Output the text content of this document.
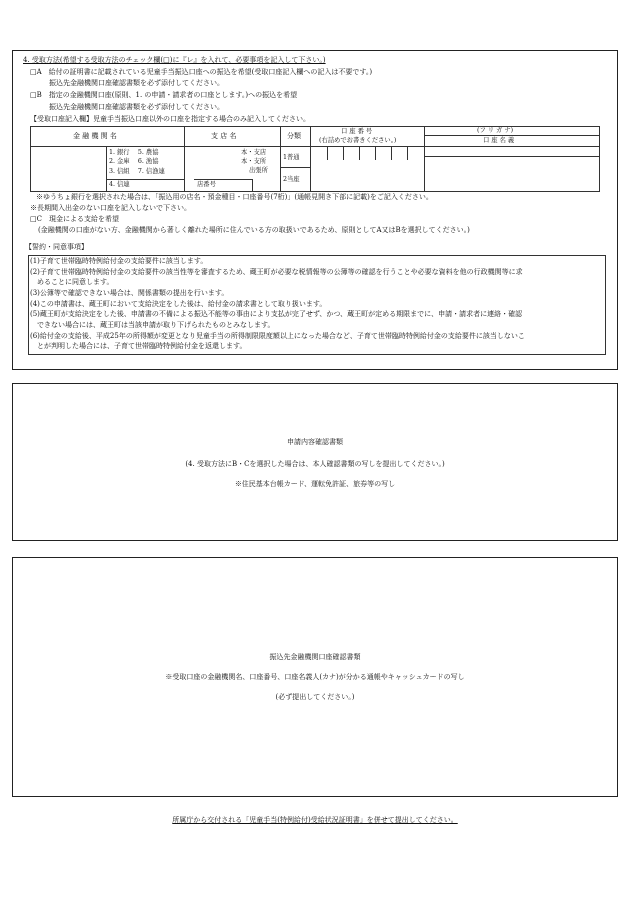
4. 受取方法(希望する受取方法のチェック欄(□)に『レ』を入れて、必要事項を記入して下さい。)
□A　給付の証明書に記載されている児童手当振込口座への振込を希望(受取口座記入欄への記入は不要です。)
振込先金融機関口座確認書類を必ず添付してください。
□B　指定の金融機関口座(原則、1. の申請・請求者の口座とします。)への振込を希望
振込先金融機関口座確認書類を必ず添付してください。
【受取口座記入欄】児童手当振込口座以外の口座を指定する場合のみ記入してください。
金 融 機 関 名	支 店 名	分類
口 座 番 号
(右詰めでお書きください。)
(フ リ ガ ナ)
口 座 名 義
1. 銀行　 5. 農協
2. 金庫　 6. 漁協
3. 信組　 7. 信漁連
4. 信連
本・支店
本・支所
出張所
店番号
1普通
2当座
※ゆうちょ銀行を選択された場合は、「振込用の店名・預金種目・口座番号(7桁)」(通帳見開き下部に記載)をご記入ください。
※長期間入出金のない口座を記入しないで下さい。
□C　現金による支給を希望
(金融機関の口座がない方、金融機関から著しく離れた場所に住んでいる方の取扱いであるため、原則としてA又はBを選択してください。)
【誓約・同意事項】
(1)子育て世帯臨時特例給付金の支給要件に該当します。
(2)子育て世帯臨時特例給付金の支給要件の該当性等を審査するため、蔵王町が必要な税情報等の公簿等の確認を行うことや必要な資料を他の行政機関等に求
　めることに同意します。
(3)公簿等で確認できない場合は、関係書類の提出を行います。
(4)この申請書は、蔵王町において支給決定をした後は、給付金の請求書として取り扱います。
(5)蔵王町が支給決定をした後、申請書の不備による振込不能等の事由により支払が完了せず、かつ、蔵王町が定める期限までに、申請・請求者に連絡・確認
　できない場合には、蔵王町は当該申請が取り下げられたものとみなします。
(6)給付金の支給後、平成25年の所得額が変更となり児童手当の所得制限限度額以上になった場合など、子育て世帯臨時特例給付金の支給要件に該当しないこ
　とが判明した場合には、子育て世帯臨時特例給付金を返還します。
申請内容確認書類
(4. 受取方法にB・Cを選択した場合は、本人確認書類の写しを提出してください。)
※住民基本台帳カード、運転免許証、旅券等の写し
振込先金融機関口座確認書類
※受取口座の金融機関名、口座番号、口座名義人(カナ)が分かる通帳やキャッシュカードの写し
(必ず提出してください。)
所属庁から交付される「児童手当(特例給付)受給状況証明書」を併せて提出してください。
